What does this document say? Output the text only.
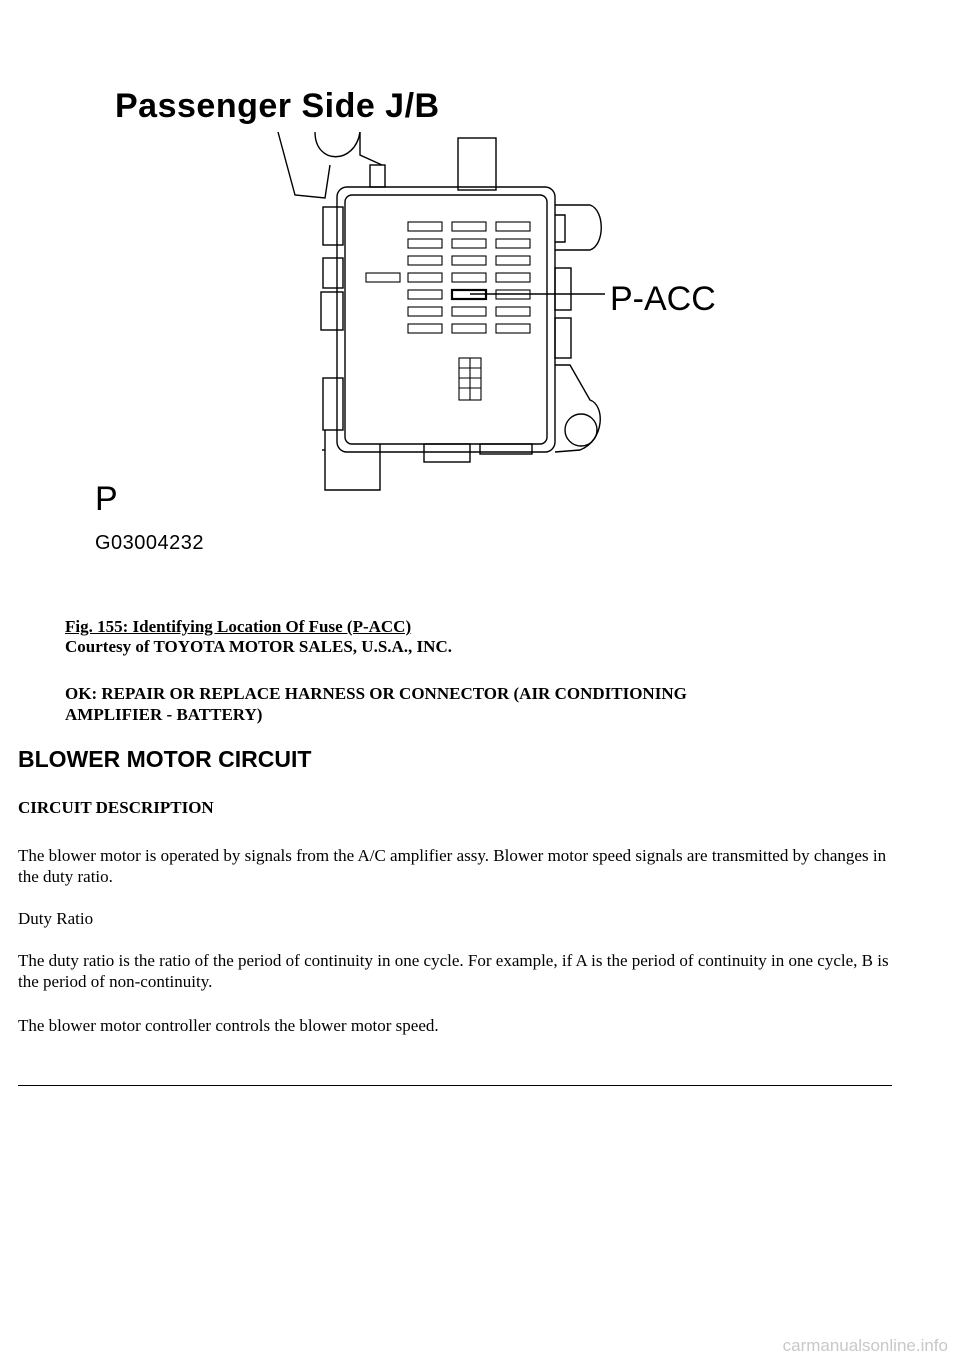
Passenger Side J/B
P-ACC
P
G03004232
Fig. 155: Identifying Location Of Fuse (P-ACC)
Courtesy of TOYOTA MOTOR SALES, U.S.A., INC.
OK: REPAIR OR REPLACE HARNESS OR CONNECTOR (AIR CONDITIONING
AMPLIFIER - BATTERY)
BLOWER MOTOR CIRCUIT
CIRCUIT DESCRIPTION
The blower motor is operated by signals from the A/C amplifier assy. Blower motor speed signals are transmitted by changes in the duty ratio.
Duty Ratio
The duty ratio is the ratio of the period of continuity in one cycle. For example, if A is the period of continuity in one cycle, B is the period of non-continuity.
The blower motor controller controls the blower motor speed.
carmanualsonline.info
